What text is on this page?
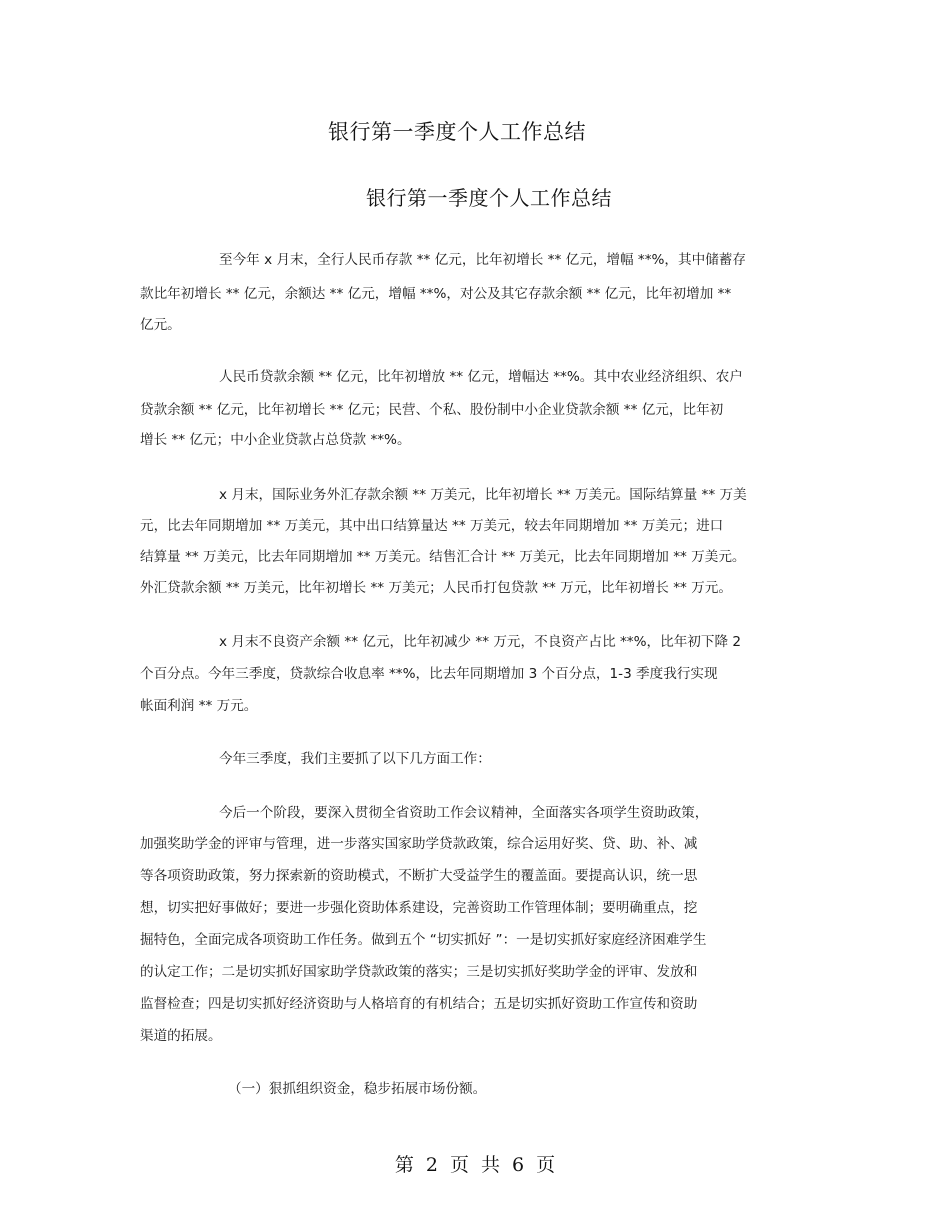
银行第一季度个人工作总结
银行第一季度个人工作总结
至今年 x 月末，全行人民币存款 ** 亿元，比年初增长 ** 亿元，增幅 **%，其中储蓄存
款比年初增长 ** 亿元，余额达 ** 亿元，增幅 **%，对公及其它存款余额 ** 亿元，比年初增加 **
亿元。
人民币贷款余额 ** 亿元，比年初增放 ** 亿元，增幅达 **%。其中农业经济组织、农户
贷款余额 ** 亿元，比年初增长 ** 亿元；民营、个私、股份制中小企业贷款余额 ** 亿元，比年初
增长 ** 亿元；中小企业贷款占总贷款 **%。
x 月末，国际业务外汇存款余额 ** 万美元，比年初增长 ** 万美元。国际结算量 ** 万美
元，比去年同期增加 ** 万美元，其中出口结算量达 ** 万美元，较去年同期增加 ** 万美元；进口
结算量 ** 万美元，比去年同期增加 ** 万美元。结售汇合计 ** 万美元，比去年同期增加 ** 万美元。
外汇贷款余额 ** 万美元，比年初增长 ** 万美元；人民币打包贷款 ** 万元，比年初增长 ** 万元。
x 月末不良资产余额 ** 亿元，比年初减少 ** 万元，不良资产占比 **%，比年初下降 2
个百分点。今年三季度，贷款综合收息率 **%，比去年同期增加 3 个百分点，1-3 季度我行实现
帐面利润 ** 万元。
今年三季度，我们主要抓了以下几方面工作：
今后一个阶段，要深入贯彻全省资助工作会议精神，全面落实各项学生资助政策，
加强奖助学金的评审与管理，进一步落实国家助学贷款政策，综合运用好奖、贷、助、补、减
等各项资助政策，努力探索新的资助模式，不断扩大受益学生的覆盖面。要提高认识，统一思
想，切实把好事做好；要进一步强化资助体系建设，完善资助工作管理体制；要明确重点，挖
掘特色，全面完成各项资助工作任务。做到五个 “切实抓好 ”：一是切实抓好家庭经济困难学生
的认定工作；二是切实抓好国家助学贷款政策的落实；三是切实抓好奖助学金的评审、发放和
监督检查；四是切实抓好经济资助与人格培育的有机结合；五是切实抓好资助工作宣传和资助
渠道的拓展。
（一）狠抓组织资金，稳步拓展市场份额。
第 2 页 共 6 页
